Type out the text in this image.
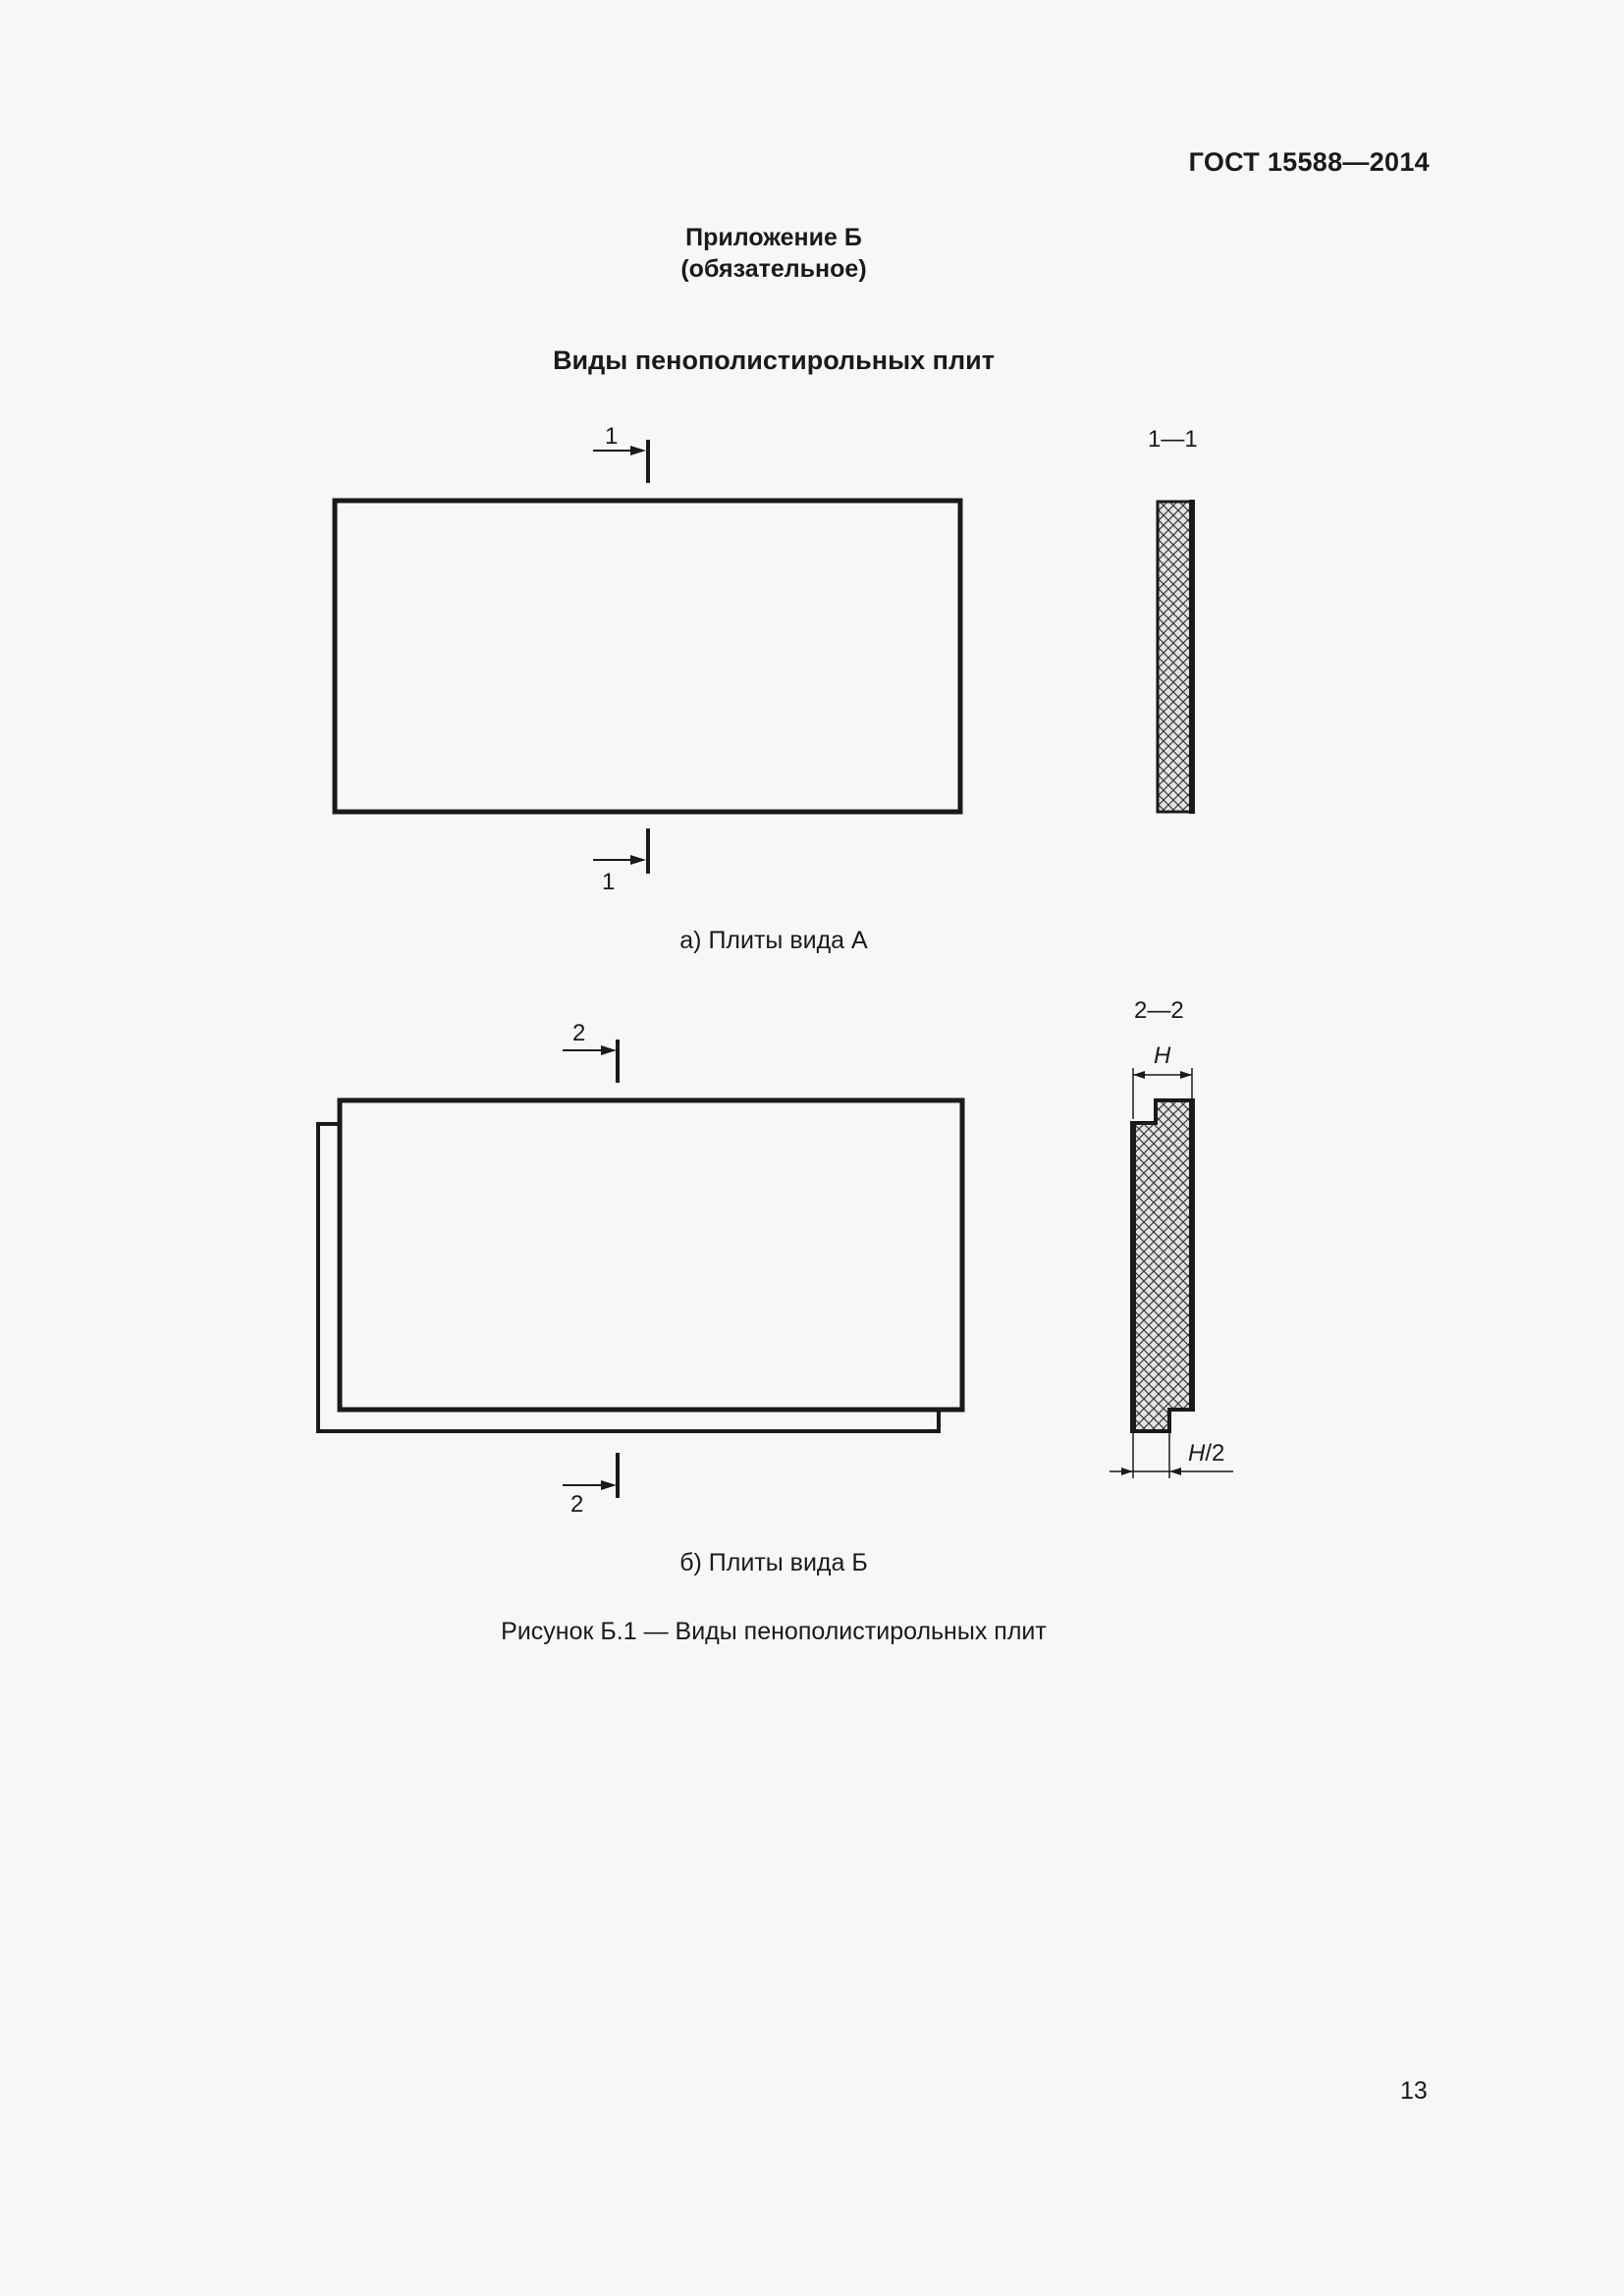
ГОСТ 15588—2014
Приложение Б
(обязательное)
Виды пенополистирольных плит
1
1
1—1
2
2
2—2
H
H/2
а) Плиты вида А
б) Плиты вида Б
Рисунок Б.1 — Виды пенополистирольных плит
13
